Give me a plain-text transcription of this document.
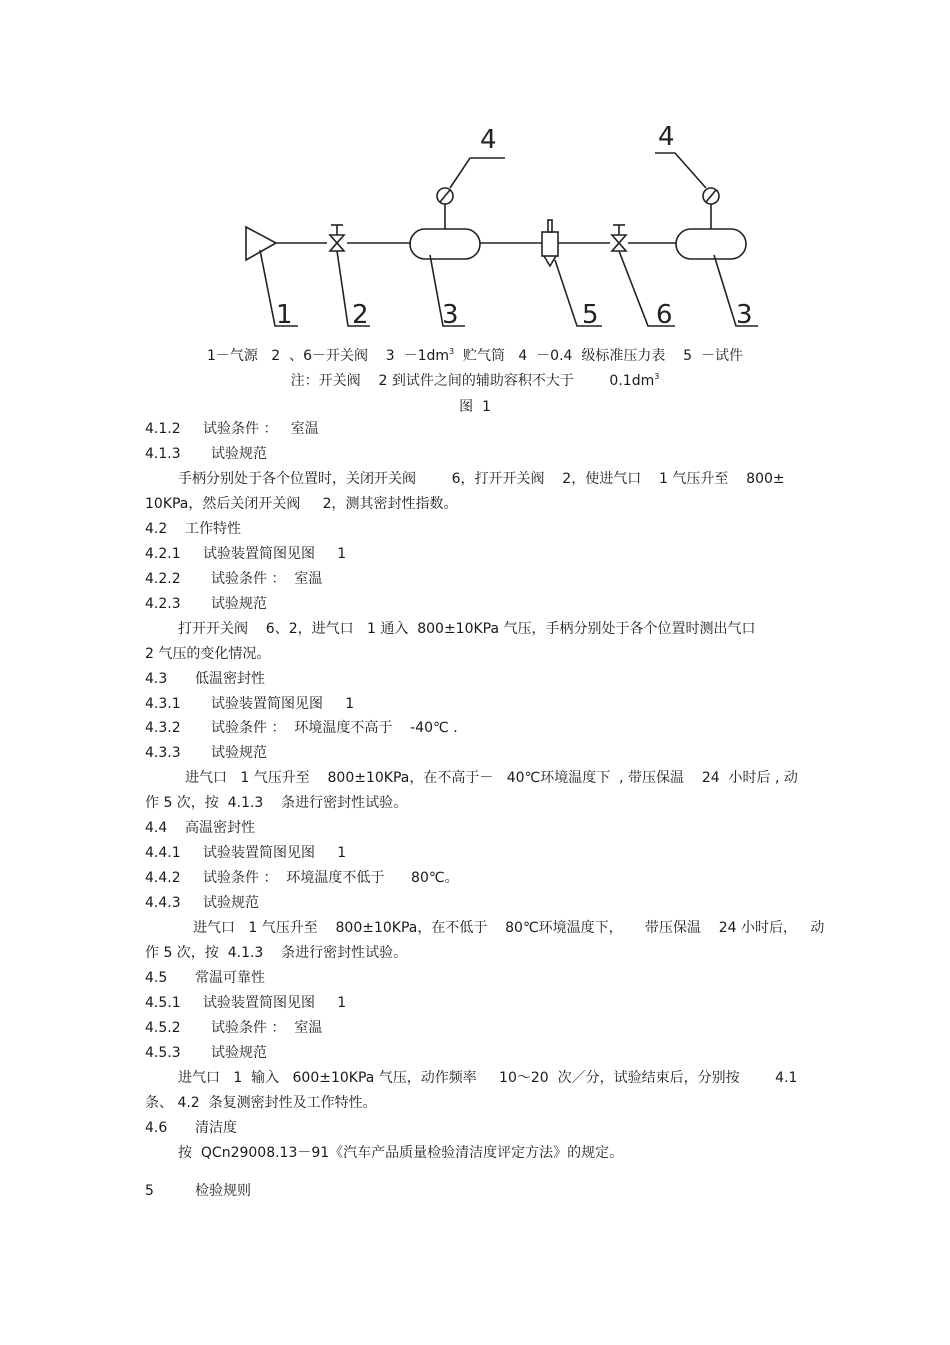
1 2	3	5 6 3
4	4
1－气源   2  、6－开关阀    $3 -1dm^3$  贮气筒   4  －0.4  级标准压力表    5  －试件
注：开关阀    2 到试件之间的辅助容积不大于        $0.1dm^3$
图  1
4.1.2 试验条件 ：   室温
4.1.3 试验规范
手柄分别处于各个位置时，关闭开关阀        6，打开开关阀    2，使进气口    1 气压升至    800±
10KPa，然后关闭开关阀     2，测其密封性指数。
4.2 工作特性
4.2.1 试验装置简图见图     1
4.2.2 试验条件 ：  室温
4.2.3 试验规范
打开开关阀    6、2，进气口   1 通入  800±10KPa 气压，手柄分别处于各个位置时测出气口
2 气压的变化情况。
4.3 低温密封性
4.3.1 试验装置简图见图     1
4.3.2 试验条件 ：  环境温度不高于    -40℃ .
4.3.3 试验规范
进气口   1 气压升至    800±10KPa，在不高于－   40℃环境温度下  , 带压保温    24  小时后 , 动
作 5 次，按  4.1.3    条进行密封性试验。
4.4 高温密封性
4.4.1 试验装置简图见图     1
4.4.2 试验条件 ：  环境温度不低于      80℃。
4.4.3 试验规范
进气口   1 气压升至    800±10KPa，在不低于    80℃环境温度下，     带压保温    24 小时后，   动
作 5 次，按  4.1.3    条进行密封性试验。
4.5 常温可靠性
4.5.1 试验装置简图见图     1
4.5.2 试验条件 ：  室温
4.5.3 试验规范
进气口   1  输入   600±10KPa 气压，动作频率     10～20  次／分，试验结束后，分别按        4.1
条、 4.2  条复测密封性及工作特性。
4.6 清洁度
按  QCn29008.13－91《汽车产品质量检验清洁度评定方法》的规定。
5	检验规则
